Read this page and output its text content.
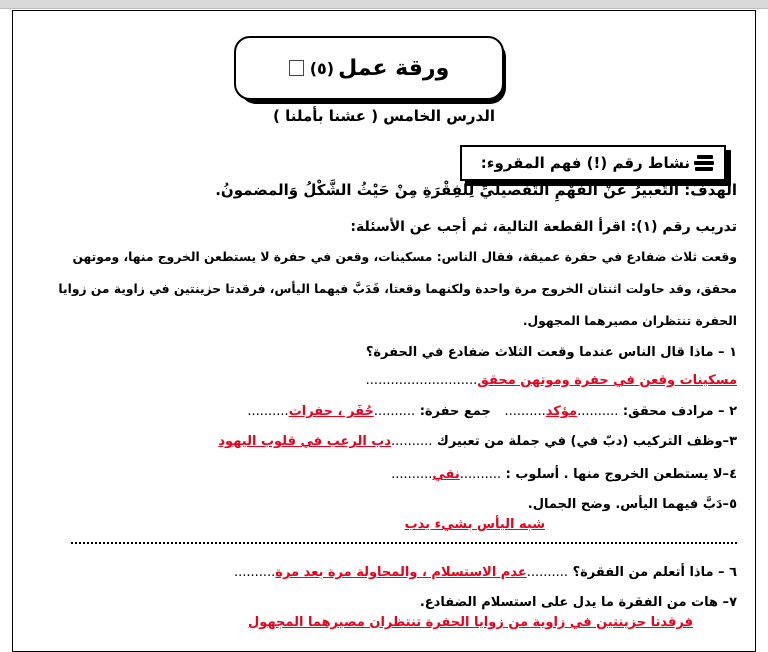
ورقة عمل
(٥)
الدرس الخامس ( عشنا بأملنا )
نشاط رقم (!) فهم المقروء:
الهدفُ: التَّعبيرُ عنْ الفهْمِ التَّفْصيليِّ لِلفِقْرَةِ مِنْ حَيْثُ الشَّكْلُ وَالمضمونُ.
تدريب رقم (١): اقرأ القطعة التالية، ثم أجب عن الأسئلة:
وقعت ثلاث ضفادع في حفرة عميقة، فقال الناس: مسكينات، وقعن في حفرة لا يستطعن الخروج منها، وموتهن
محقق، وقد حاولت اثنتان الخروج مرة واحدة ولكنهما وقعتا، فَدَبَّ فيهما اليأس، فرقدتا حزينتين في زاوية من زوايا
الحفرة تنتظران مصيرهما المجهول.
١ – ماذا قال الناس عندما وقعت الثلاث ضفادع في الحفرة؟
مسكينات وقعن في حفرة وموتهن محقق...........................
٢ – مرادف محقق: ..........مؤكد..........   جمع حفرة: ..........حُفَر ، حفرات..........
٣–وظف التركيب (دبّ في) في جملة من تعبيرك ..........دب الرعب في قلوب اليهود
٤–لا يستطعن الخروج منها . أسلوب : ..........نفي..........
٥–دَبَّ فيهما اليأس. وضح الجمال.
شبه اليأس بشيء يدب
٦ – ماذا أتعلم من الفقرة؟ ..........عدم الاستسلام ، والمحاولة مرة بعد مرة..........
٧– هات من الفقرة ما يدل على استسلام الضفادع.
فرقدتا حزينتين في زاوية من زوايا الحفرة تنتظران مصيرهما المجهول
